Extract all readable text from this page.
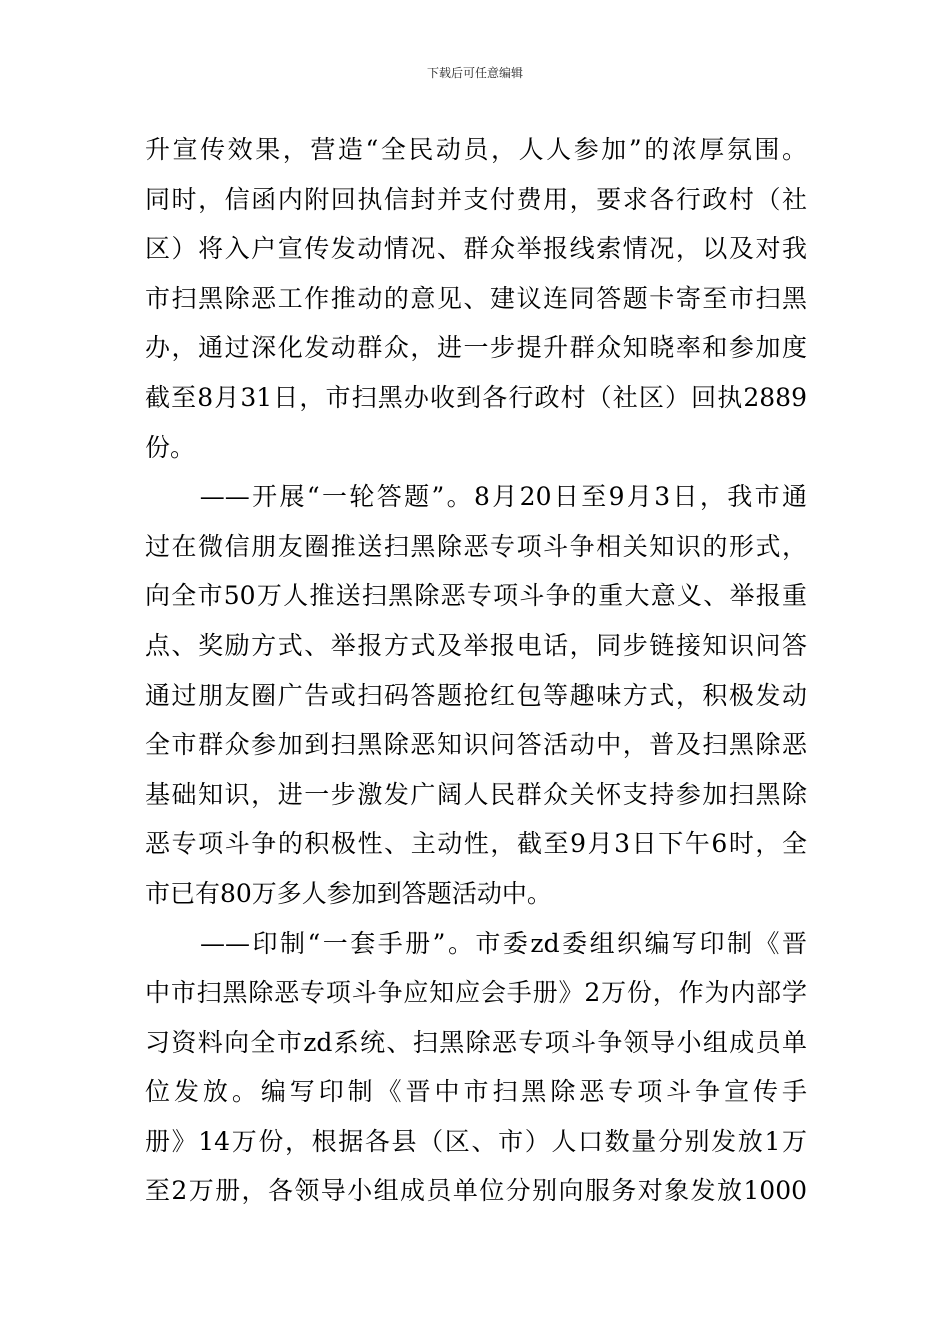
下载后可任意编辑
升宣传效果，营造“全民动员，人人参加”的浓厚氛围。
同时，信函内附回执信封并支付费用，要求各行政村（社
区）将入户宣传发动情况、群众举报线索情况，以及对我
市扫黑除恶工作推动的意见、建议连同答题卡寄至市扫黑
办，通过深化发动群众，进一步提升群众知晓率和参加度
截至8月31日，市扫黑办收到各行政村（社区）回执2889
份。
　　——开展“一轮答题”。8月20日至9月3日，我市通
过在微信朋友圈推送扫黑除恶专项斗争相关知识的形式，
向全市50万人推送扫黑除恶专项斗争的重大意义、举报重
点、奖励方式、举报方式及举报电话，同步链接知识问答
通过朋友圈广告或扫码答题抢红包等趣味方式，积极发动
全市群众参加到扫黑除恶知识问答活动中，普及扫黑除恶
基础知识，进一步激发广阔人民群众关怀支持参加扫黑除
恶专项斗争的积极性、主动性，截至9月3日下午6时，全
市已有80万多人参加到答题活动中。
　　——印制“一套手册”。市委zd委组织编写印制《晋
中市扫黑除恶专项斗争应知应会手册》2万份，作为内部学
习资料向全市zd系统、扫黑除恶专项斗争领导小组成员单
位发放。编写印制《晋中市扫黑除恶专项斗争宣传手
册》14万份，根据各县（区、市）人口数量分别发放1万
至2万册，各领导小组成员单位分别向服务对象发放1000
